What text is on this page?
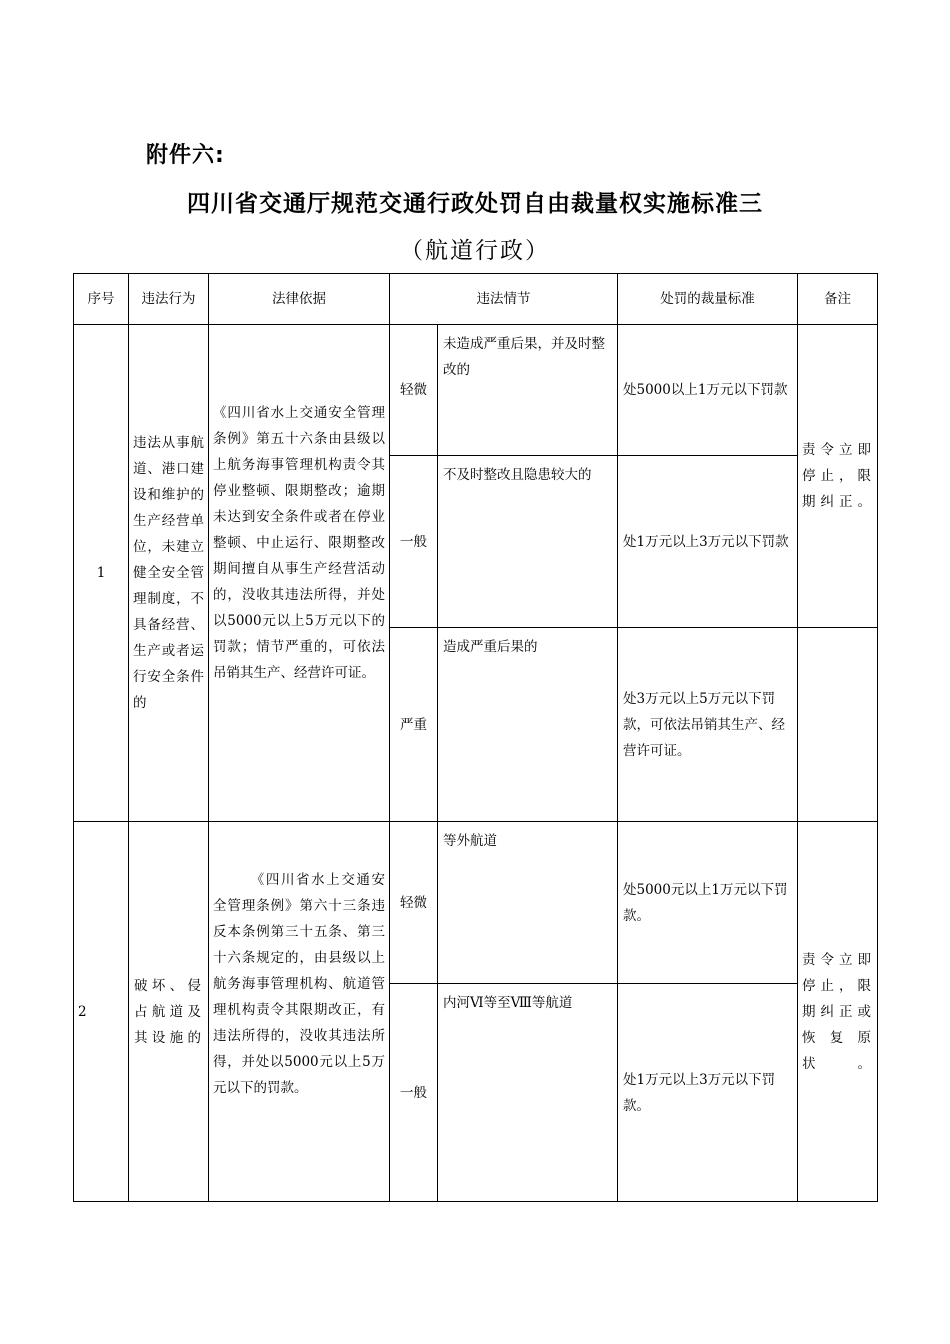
附件六:
四川省交通厅规范交通行政处罚自由裁量权实施标准三
（航道行政）
序号	违法行为	法律依据	违法情节		处罚的裁量标准	备注
1	违法从事航道、港口建设和维护的生产经营单位，未建立健全安全管理制度，不具备经营、生产或者运行安全条件的	《四川省水上交通安全管理条例》第五十六条由县级以上航务海事管理机构责令其停业整顿、限期整改；逾期未达到安全条件或者在停业整顿、中止运行、限期整改期间擅自从事生产经营活动的，没收其违法所得，并处以5000元以上5万元以下的罚款；情节严重的，可依法吊销其生产、经营许可证。	轻微	未造成严重后果，并及时整改的	处5000以上1万元以下罚款	责令立即停止，限期纠正。
			一般	不及时整改且隐患较大的	处1万元以上3万元以下罚款	
			严重	造成严重后果的	处3万元以上5万元以下罚款，可依法吊销其生产、经营许可证。	
2	破坏、侵占航道及其设施的	《四川省水上交通安全管理条例》第六十三条违反本条例第三十五条、第三十六条规定的，由县级以上航务海事管理机构、航道管理机构责令其限期改正，有违法所得的，没收其违法所得，并处以5000元以上5万元以下的罚款。	轻微	等外航道	处5000元以上1万元以下罚款。	责令立即停止，限期纠正或恢复原状。
			一般	内河Ⅵ等至Ⅷ等航道	处1万元以上3万元以下罚款。	
